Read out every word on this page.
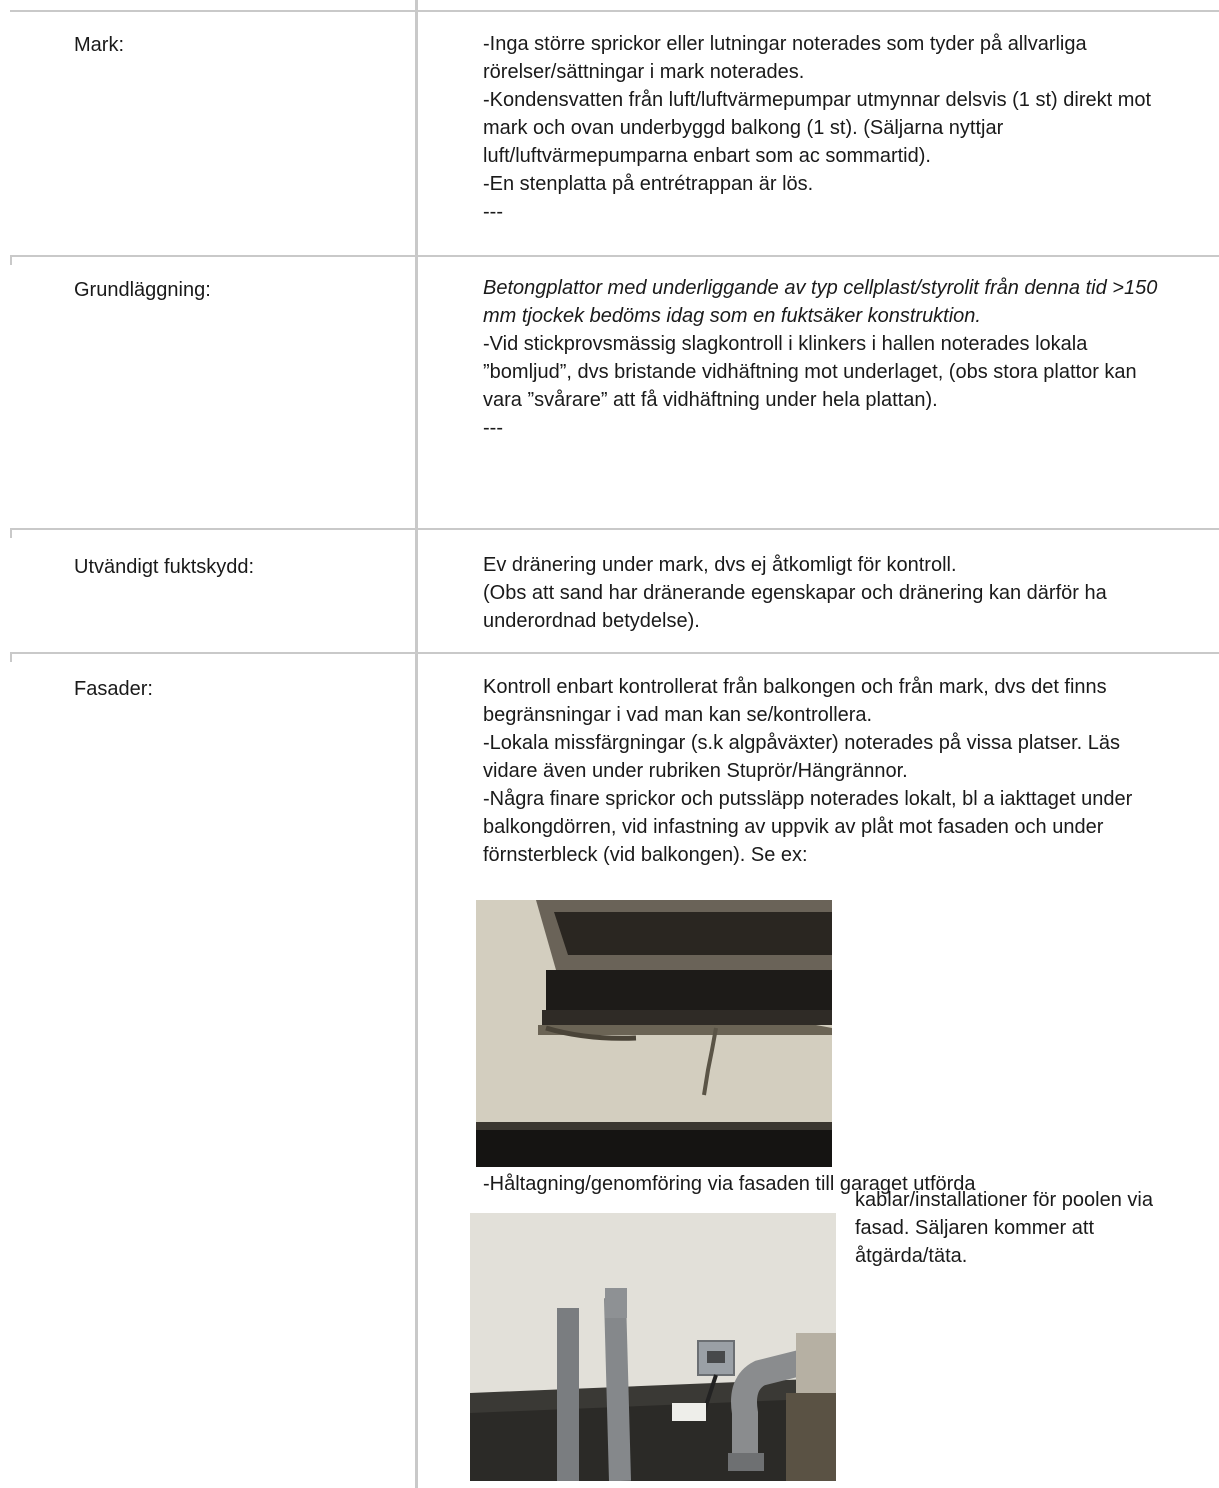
Mark:	-Inga större sprickor eller lutningar noterades som tyder på allvarliga rörelser/sättningar i mark noterades.

-Kondensvatten från luft/luftvärmepumpar utmynnar delsvis (1 st) direkt mot mark och ovan underbyggd balkong (1 st). (Säljarna nyttjar luft/luftvärmepumparna enbart som ac sommartid).

-En stenplatta på entrétrappan är lös.

---

Grundläggning:	Betongplattor med underliggande av typ cellplast/styrolit från denna tid >150 mm tjockek bedöms idag som en fuktsäker konstruktion.

-Vid stickprovsmässig slagkontroll i klinkers i hallen noterades lokala ”bomljud”, dvs bristande vidhäftning mot underlaget, (obs stora plattor kan vara ”svårare” att få vidhäftning under hela plattan).

---

Utvändigt fuktskydd:	Ev dränering under mark, dvs ej åtkomligt för kontroll.

(Obs att sand har dränerande egenskapar och dränering kan därför ha underordnad betydelse).

Fasader:	Kontroll enbart kontrollerat från balkongen och från mark, dvs det finns begränsningar i vad man kan se/kontrollera.

-Lokala missfärgningar (s.k algpåväxter) noterades på vissa platser. Läs vidare även under rubriken Stuprör/Hängrännor.

-Några finare sprickor och putssläpp noterades lokalt, bl a iakttaget under balkongdörren, vid infastning av uppvik av plåt mot fasaden och under förnsterbleck (vid balkongen). Se ex:

-Håltagning/genomföring via fasaden till garaget utförda

kablar/installationer för poolen via fasad. Säljaren kommer att åtgärda/täta.
